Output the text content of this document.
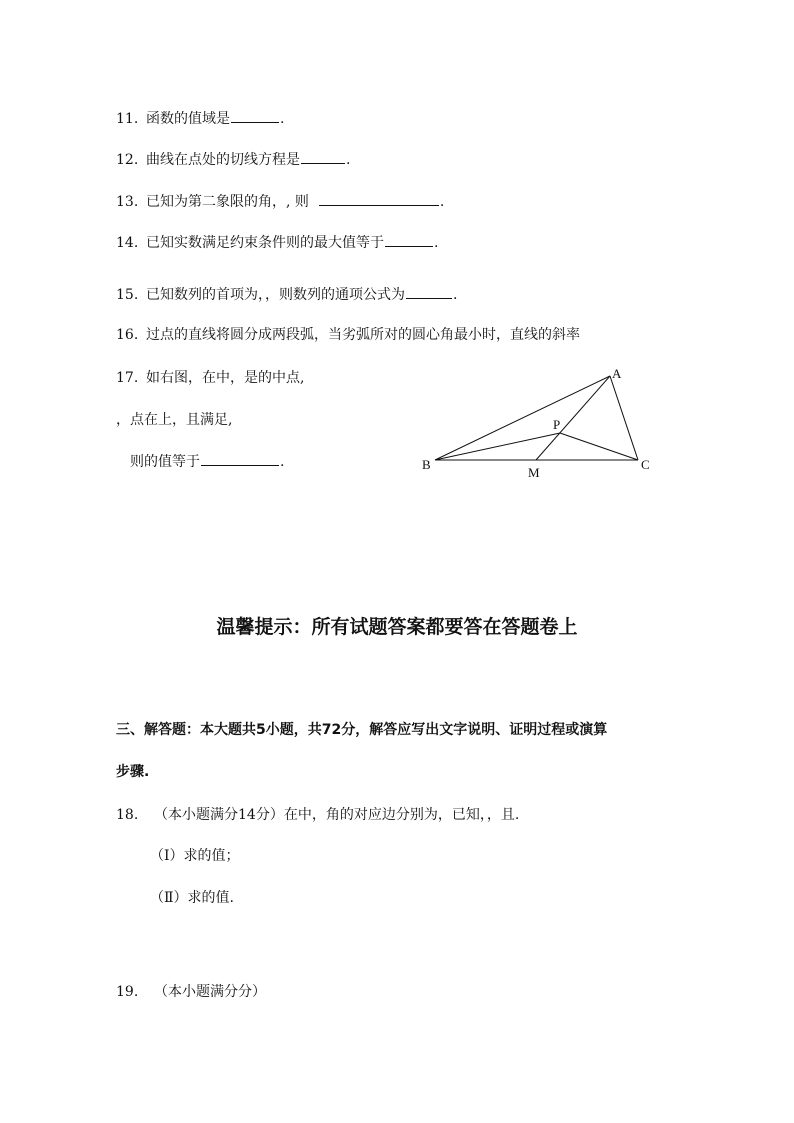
11. 函数的值域是	.
12. 曲线在点处的切线方程是	.
13. 已知为第二象限的角，, 则	.
14. 已知实数满足约束条件则的最大值等于	.
15. 已知数列的首项为，，则数列的通项公式为	.
16. 过点的直线将圆分成两段弧，当劣弧所对的圆心角最小时，直线的斜率
17. 如右图，在中，是的中点,
，点在上，且满足,
则的值等于	.
A
B	C
M
P
温馨提示：所有试题答案都要答在答题卷上
三、解答题：本大题共5小题，共72分，解答应写出文字说明、证明过程或演算
步骤.
18. （本小题满分14分）在中，角的对应边分别为，已知，，且.
（Ⅰ）求的值；
（Ⅱ）求的值.
19. （本小题满分分）
